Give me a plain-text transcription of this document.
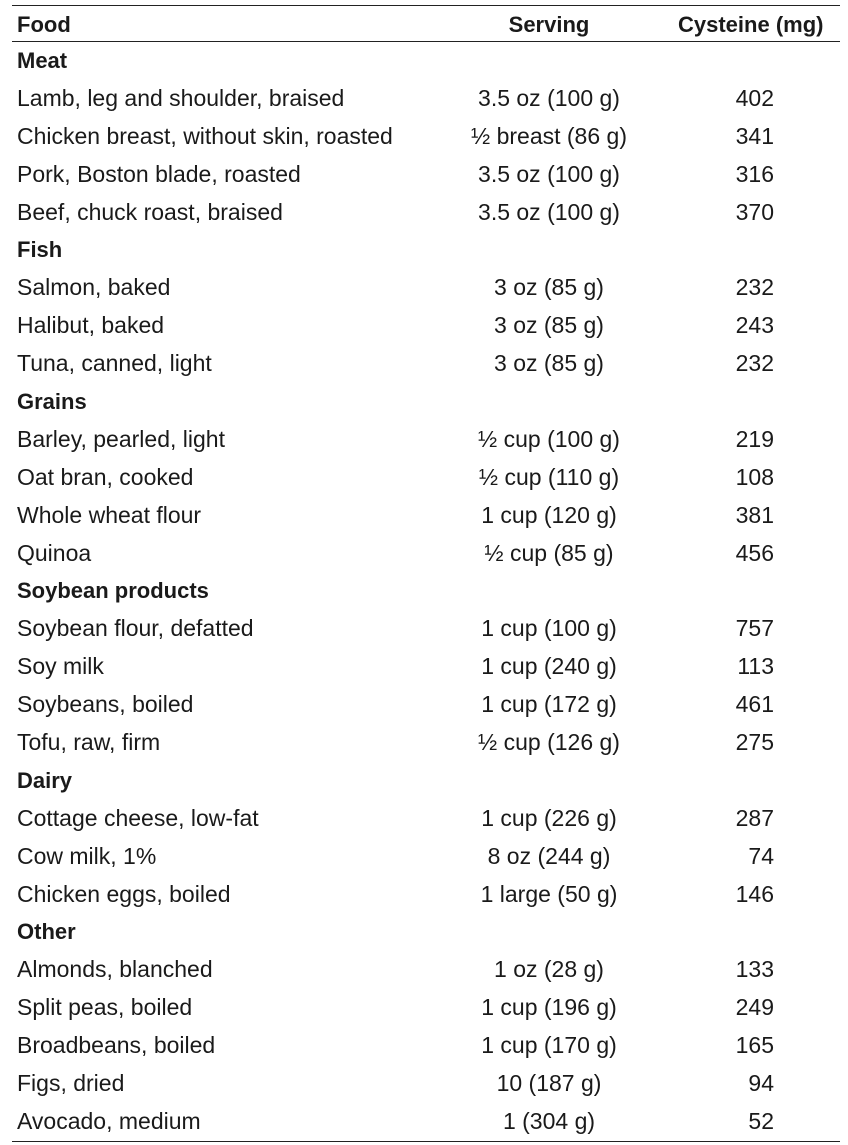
Food	Serving	Cysteine (mg)
Meat
Lamb, leg and shoulder, braised	3.5 oz (100 g)	402
Chicken breast, without skin, roasted	½ breast (86 g)	341
Pork, Boston blade, roasted	3.5 oz (100 g)	316
Beef, chuck roast, braised	3.5 oz (100 g)	370
Fish
Salmon, baked	3 oz (85 g)	232
Halibut, baked	3 oz (85 g)	243
Tuna, canned, light	3 oz (85 g)	232
Grains
Barley, pearled, light	½ cup (100 g)	219
Oat bran, cooked	½ cup (110 g)	108
Whole wheat flour	1 cup (120 g)	381
Quinoa	½ cup (85 g)	456
Soybean products
Soybean flour, defatted	1 cup (100 g)	757
Soy milk	1 cup (240 g)	113
Soybeans, boiled	1 cup (172 g)	461
Tofu, raw, firm	½ cup (126 g)	275
Dairy
Cottage cheese, low-fat	1 cup (226 g)	287
Cow milk, 1%	8 oz (244 g)	74
Chicken eggs, boiled	1 large (50 g)	146
Other
Almonds, blanched	1 oz (28 g)	133
Split peas, boiled	1 cup (196 g)	249
Broadbeans, boiled	1 cup (170 g)	165
Figs, dried	10 (187 g)	94
Avocado, medium	1 (304 g)	52
